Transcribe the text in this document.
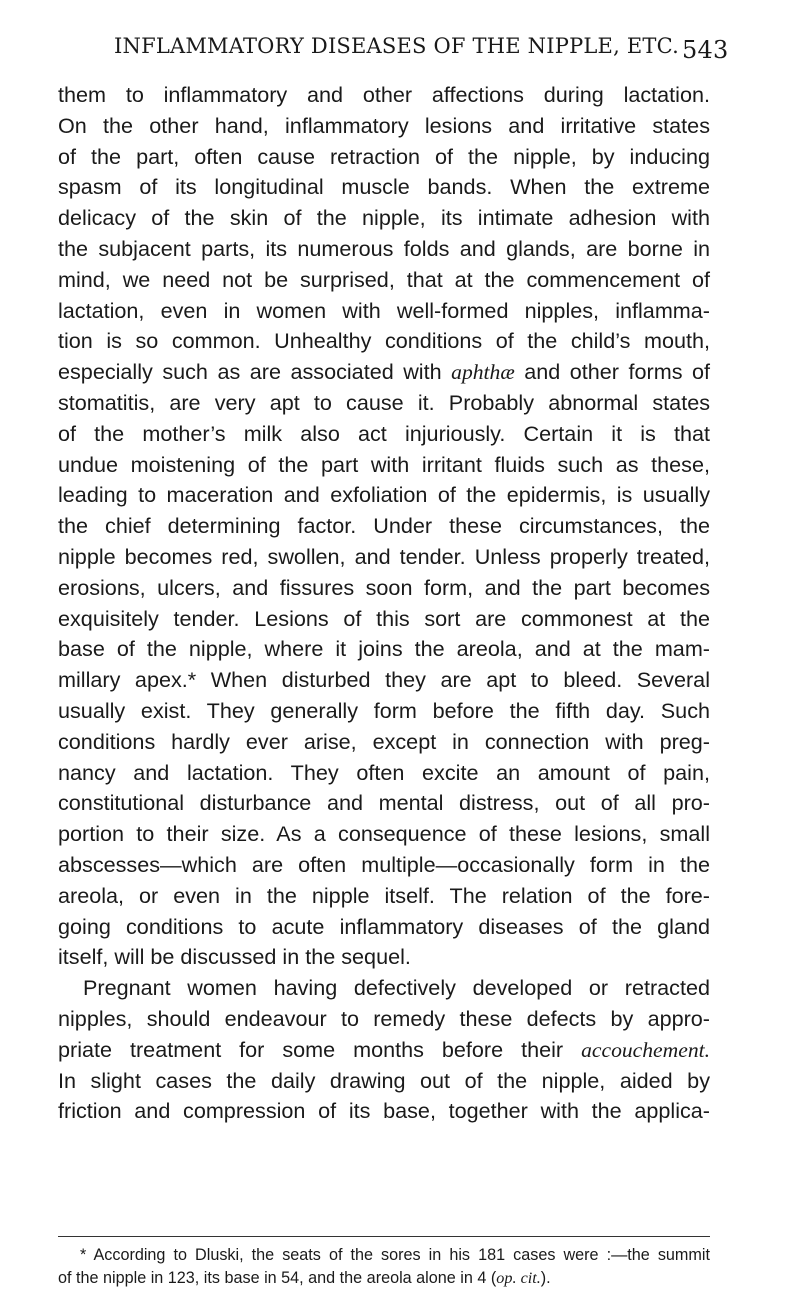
INFLAMMATORY DISEASES OF THE NIPPLE, ETC. 543
them to inflammatory and other affections during lactation.
On the other hand, inflammatory lesions and irritative states
of the part, often cause retraction of the nipple, by inducing
spasm of its longitudinal muscle bands. When the extreme
delicacy of the skin of the nipple, its intimate adhesion with
the subjacent parts, its numerous folds and glands, are borne in
mind, we need not be surprised, that at the commencement of
lactation, even in women with well-formed nipples, inflamma-
tion is so common. Unhealthy conditions of the child’s mouth,
especially such as are associated with aphthæ and other forms of
stomatitis, are very apt to cause it. Probably abnormal states
of the mother’s milk also act injuriously. Certain it is that
undue moistening of the part with irritant fluids such as these,
leading to maceration and exfoliation of the epidermis, is usually
the chief determining factor. Under these circumstances, the
nipple becomes red, swollen, and tender. Unless properly treated,
erosions, ulcers, and fissures soon form, and the part becomes
exquisitely tender. Lesions of this sort are commonest at the
base of the nipple, where it joins the areola, and at the mam-
millary apex.* When disturbed they are apt to bleed. Several
usually exist. They generally form before the fifth day. Such
conditions hardly ever arise, except in connection with preg-
nancy and lactation. They often excite an amount of pain,
constitutional disturbance and mental distress, out of all pro-
portion to their size. As a consequence of these lesions, small
abscesses—which are often multiple—occasionally form in the
areola, or even in the nipple itself. The relation of the fore-
going conditions to acute inflammatory diseases of the gland
itself, will be discussed in the sequel.
Pregnant women having defectively developed or retracted
nipples, should endeavour to remedy these defects by appro-
priate treatment for some months before their accouchement.
In slight cases the daily drawing out of the nipple, aided by
friction and compression of its base, together with the applica-
* According to Dluski, the seats of the sores in his 181 cases were :—the summit
of the nipple in 123, its base in 54, and the areola alone in 4 (op. cit.).
